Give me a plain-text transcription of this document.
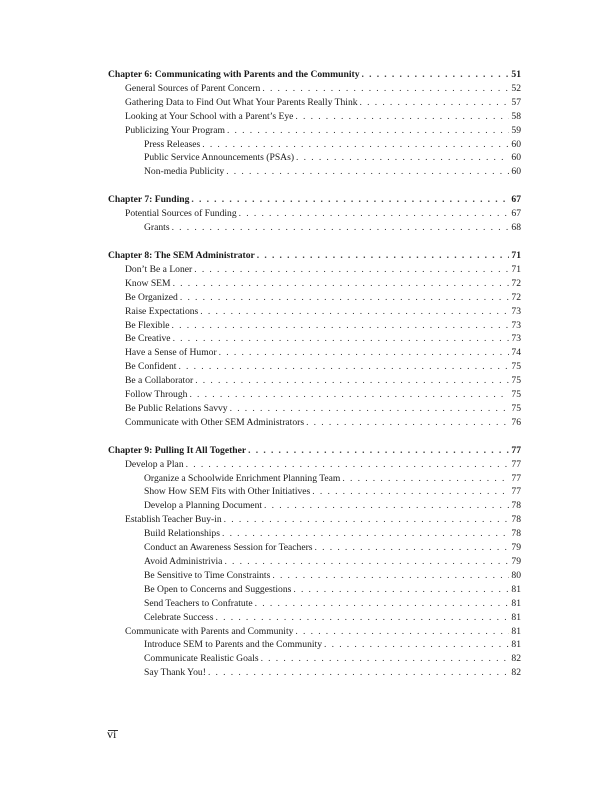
Chapter 6: Communicating with Parents and the Community . . .	51
General Sources of Parent Concern . . .	52
Gathering Data to Find Out What Your Parents Really Think . . .	57
Looking at Your School with a Parent’s Eye . . .	58
Publicizing Your Program . . .	59
Press Releases . . .	60
Public Service Announcements (PSAs) . . .	60
Non-media Publicity . . .	60
Chapter 7: Funding . . .	67
Potential Sources of Funding . . .	67
Grants . . .	68
Chapter 8: The SEM Administrator . . .	71
Don’t Be a Loner . . .	71
Know SEM . . .	72
Be Organized . . .	72
Raise Expectations . . .	73
Be Flexible . . .	73
Be Creative . . .	73
Have a Sense of Humor . . .	74
Be Confident . . .	75
Be a Collaborator . . .	75
Follow Through . . .	75
Be Public Relations Savvy . . .	75
Communicate with Other SEM Administrators . . .	76
Chapter 9: Pulling It All Together . . .	77
Develop a Plan . . .	77
Organize a Schoolwide Enrichment Planning Team . . .	77
Show How SEM Fits with Other Initiatives . . .	77
Develop a Planning Document . . .	78
Establish Teacher Buy-in . . .	78
Build Relationships . . .	78
Conduct an Awareness Session for Teachers . . .	79
Avoid Administrivia . . .	79
Be Sensitive to Time Constraints . . .	80
Be Open to Concerns and Suggestions . . .	81
Send Teachers to Confratute . . .	81
Celebrate Success . . .	81
Communicate with Parents and Community . . .	81
Introduce SEM to Parents and the Community . . .	81
Communicate Realistic Goals . . .	82
Say Thank You! . . .	82
vi
